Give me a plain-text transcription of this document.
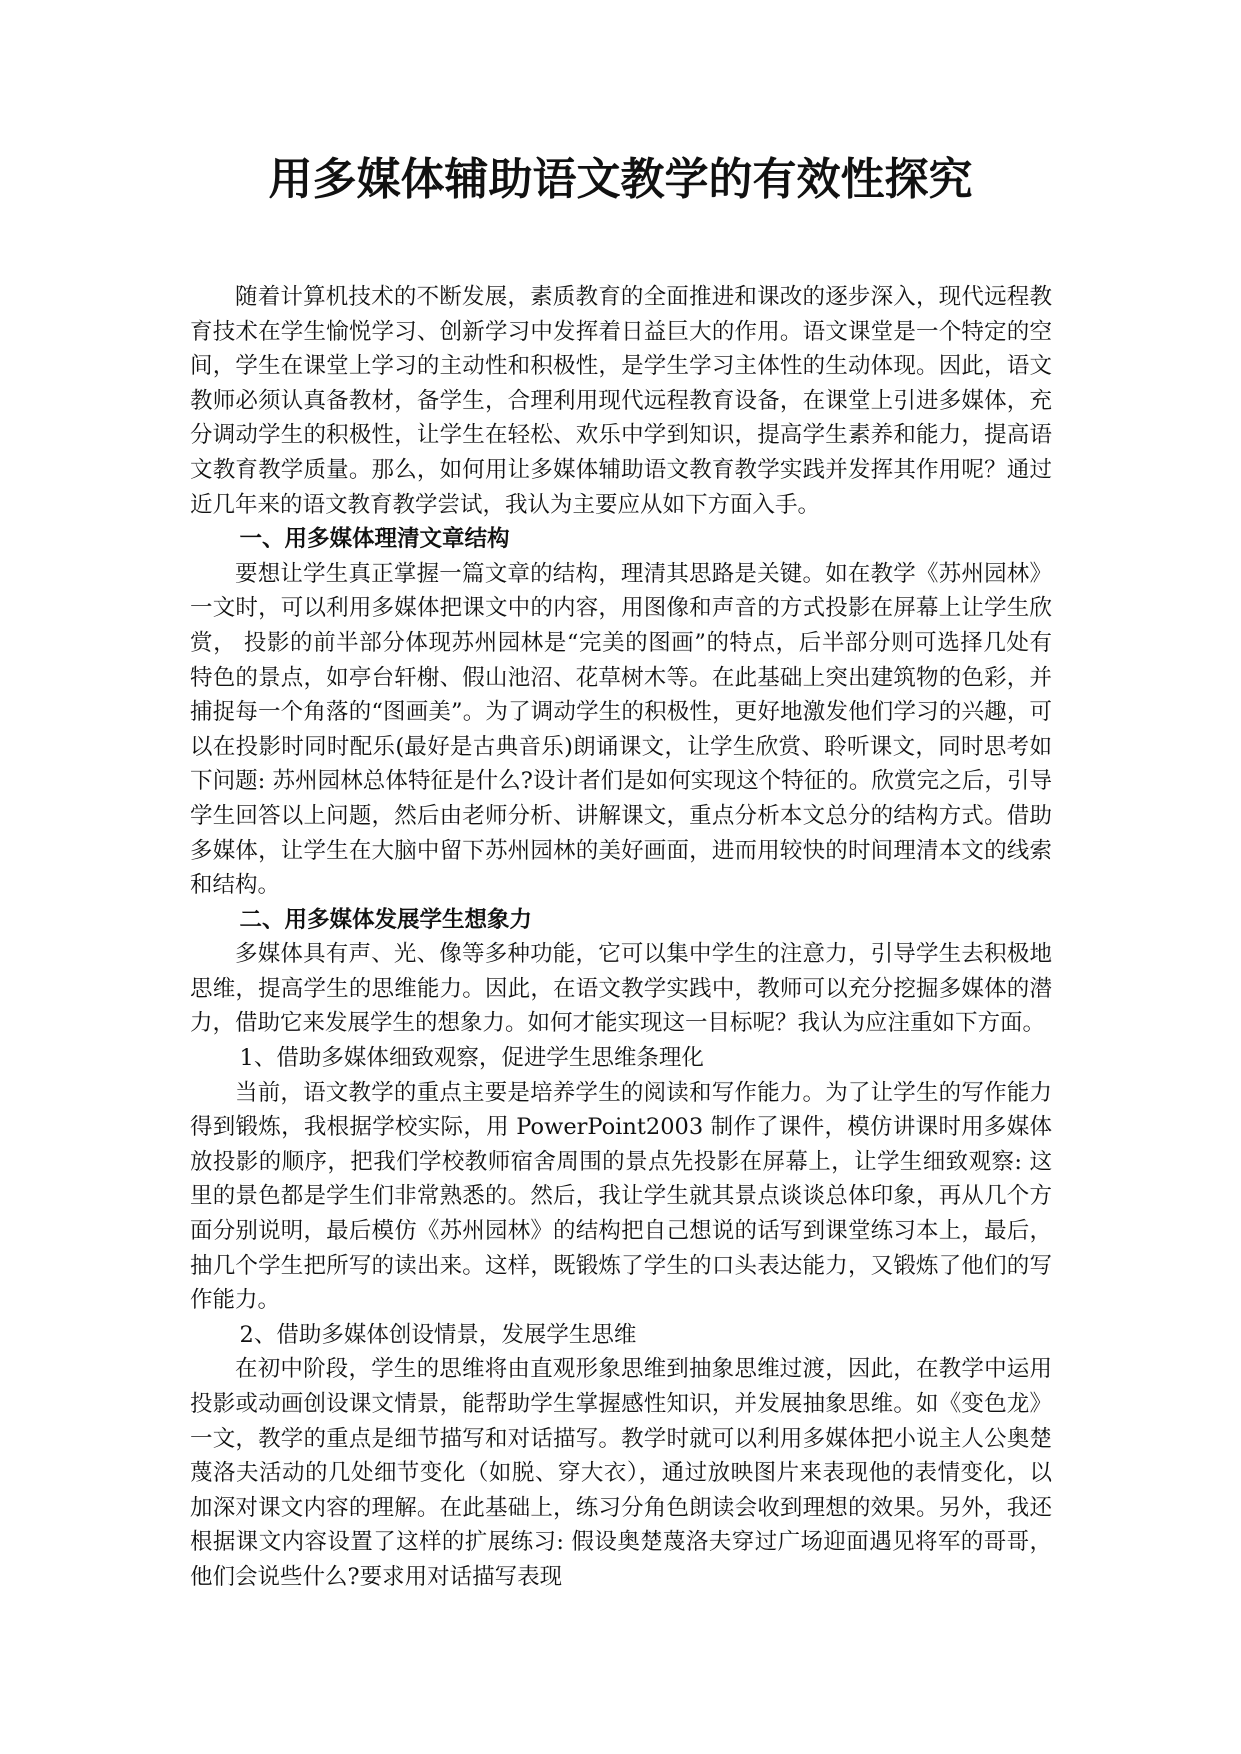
用多媒体辅助语文教学的有效性探究

随着计算机技术的不断发展，素质教育的全面推进和课改的逐步深入，现代远程教育技术在学生愉悦学习、创新学习中发挥着日益巨大的作用。语文课堂是一个特定的空间，学生在课堂上学习的主动性和积极性，是学生学习主体性的生动体现。因此，语文教师必须认真备教材，备学生，合理利用现代远程教育设备，在课堂上引进多媒体，充分调动学生的积极性，让学生在轻松、欢乐中学到知识，提高学生素养和能力，提高语文教育教学质量。那么，如何用让多媒体辅助语文教育教学实践并发挥其作用呢？通过近几年来的语文教育教学尝试，我认为主要应从如下方面入手。

一、用多媒体理清文章结构

要想让学生真正掌握一篇文章的结构，理清其思路是关键。如在教学《苏州园林》一文时，可以利用多媒体把课文中的内容，用图像和声音的方式投影在屏幕上让学生欣赏， 投影的前半部分体现苏州园林是“完美的图画”的特点，后半部分则可选择几处有特色的景点，如亭台轩榭、假山池沼、花草树木等。在此基础上突出建筑物的色彩，并捕捉每一个角落的“图画美”。为了调动学生的积极性，更好地激发他们学习的兴趣，可以在投影时同时配乐(最好是古典音乐)朗诵课文，让学生欣赏、聆听课文，同时思考如下问题: 苏州园林总体特征是什么?设计者们是如何实现这个特征的。欣赏完之后，引导学生回答以上问题，然后由老师分析、讲解课文，重点分析本文总分的结构方式。借助多媒体，让学生在大脑中留下苏州园林的美好画面，进而用较快的时间理清本文的线索和结构。

二、用多媒体发展学生想象力

多媒体具有声、光、像等多种功能，它可以集中学生的注意力，引导学生去积极地思维，提高学生的思维能力。因此，在语文教学实践中，教师可以充分挖掘多媒体的潜力，借助它来发展学生的想象力。如何才能实现这一目标呢？我认为应注重如下方面。

1、借助多媒体细致观察，促进学生思维条理化

当前，语文教学的重点主要是培养学生的阅读和写作能力。为了让学生的写作能力得到锻炼，我根据学校实际，用 PowerPoint2003 制作了课件，模仿讲课时用多媒体放投影的顺序，把我们学校教师宿舍周围的景点先投影在屏幕上，让学生细致观察: 这里的景色都是学生们非常熟悉的。然后，我让学生就其景点谈谈总体印象，再从几个方面分别说明，最后模仿《苏州园林》的结构把自己想说的话写到课堂练习本上，最后，抽几个学生把所写的读出来。这样，既锻炼了学生的口头表达能力，又锻炼了他们的写作能力。

2、借助多媒体创设情景，发展学生思维

在初中阶段，学生的思维将由直观形象思维到抽象思维过渡，因此，在教学中运用投影或动画创设课文情景，能帮助学生掌握感性知识，并发展抽象思维。如《变色龙》一文，教学的重点是细节描写和对话描写。教学时就可以利用多媒体把小说主人公奥楚蔑洛夫活动的几处细节变化（如脱、穿大衣），通过放映图片来表现他的表情变化，以加深对课文内容的理解。在此基础上，练习分角色朗读会收到理想的效果。另外，我还根据课文内容设置了这样的扩展练习: 假设奥楚蔑洛夫穿过广场迎面遇见将军的哥哥，他们会说些什么?要求用对话描写表现
